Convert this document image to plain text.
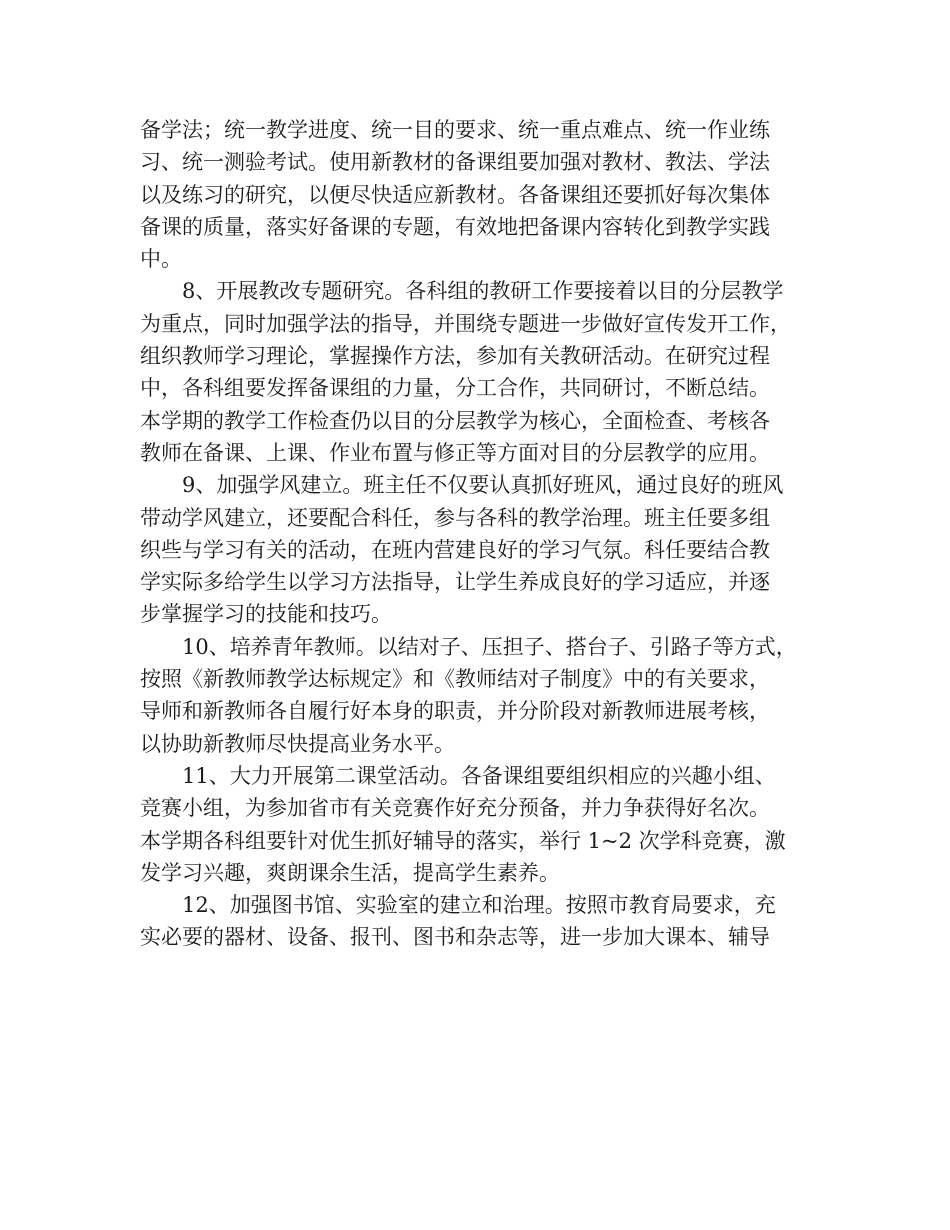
备学法；统一教学进度、统一目的要求、统一重点难点、统一作业练
习、统一测验考试。使用新教材的备课组要加强对教材、教法、学法
以及练习的研究，以便尽快适应新教材。各备课组还要抓好每次集体
备课的质量，落实好备课的专题，有效地把备课内容转化到教学实践
中。
8、开展教改专题研究。各科组的教研工作要接着以目的分层教学
为重点，同时加强学法的指导，并围绕专题进一步做好宣传发开工作，
组织教师学习理论，掌握操作方法，参加有关教研活动。在研究过程
中，各科组要发挥备课组的力量，分工合作，共同研讨，不断总结。
本学期的教学工作检查仍以目的分层教学为核心，全面检查、考核各
教师在备课、上课、作业布置与修正等方面对目的分层教学的应用。
9、加强学风建立。班主任不仅要认真抓好班风，通过良好的班风
带动学风建立，还要配合科任，参与各科的教学治理。班主任要多组
织些与学习有关的活动，在班内营建良好的学习气氛。科任要结合教
学实际多给学生以学习方法指导，让学生养成良好的学习适应，并逐
步掌握学习的技能和技巧。
10、培养青年教师。以结对子、压担子、搭台子、引路子等方式，
按照《新教师教学达标规定》和《教师结对子制度》中的有关要求，
导师和新教师各自履行好本身的职责，并分阶段对新教师进展考核，
以协助新教师尽快提高业务水平。
11、大力开展第二课堂活动。各备课组要组织相应的兴趣小组、
竞赛小组，为参加省市有关竞赛作好充分预备，并力争获得好名次。
本学期各科组要针对优生抓好辅导的落实，举行 1~2 次学科竞赛，激
发学习兴趣，爽朗课余生活，提高学生素养。
12、加强图书馆、实验室的建立和治理。按照市教育局要求，充
实必要的器材、设备、报刊、图书和杂志等，进一步加大课本、辅导
